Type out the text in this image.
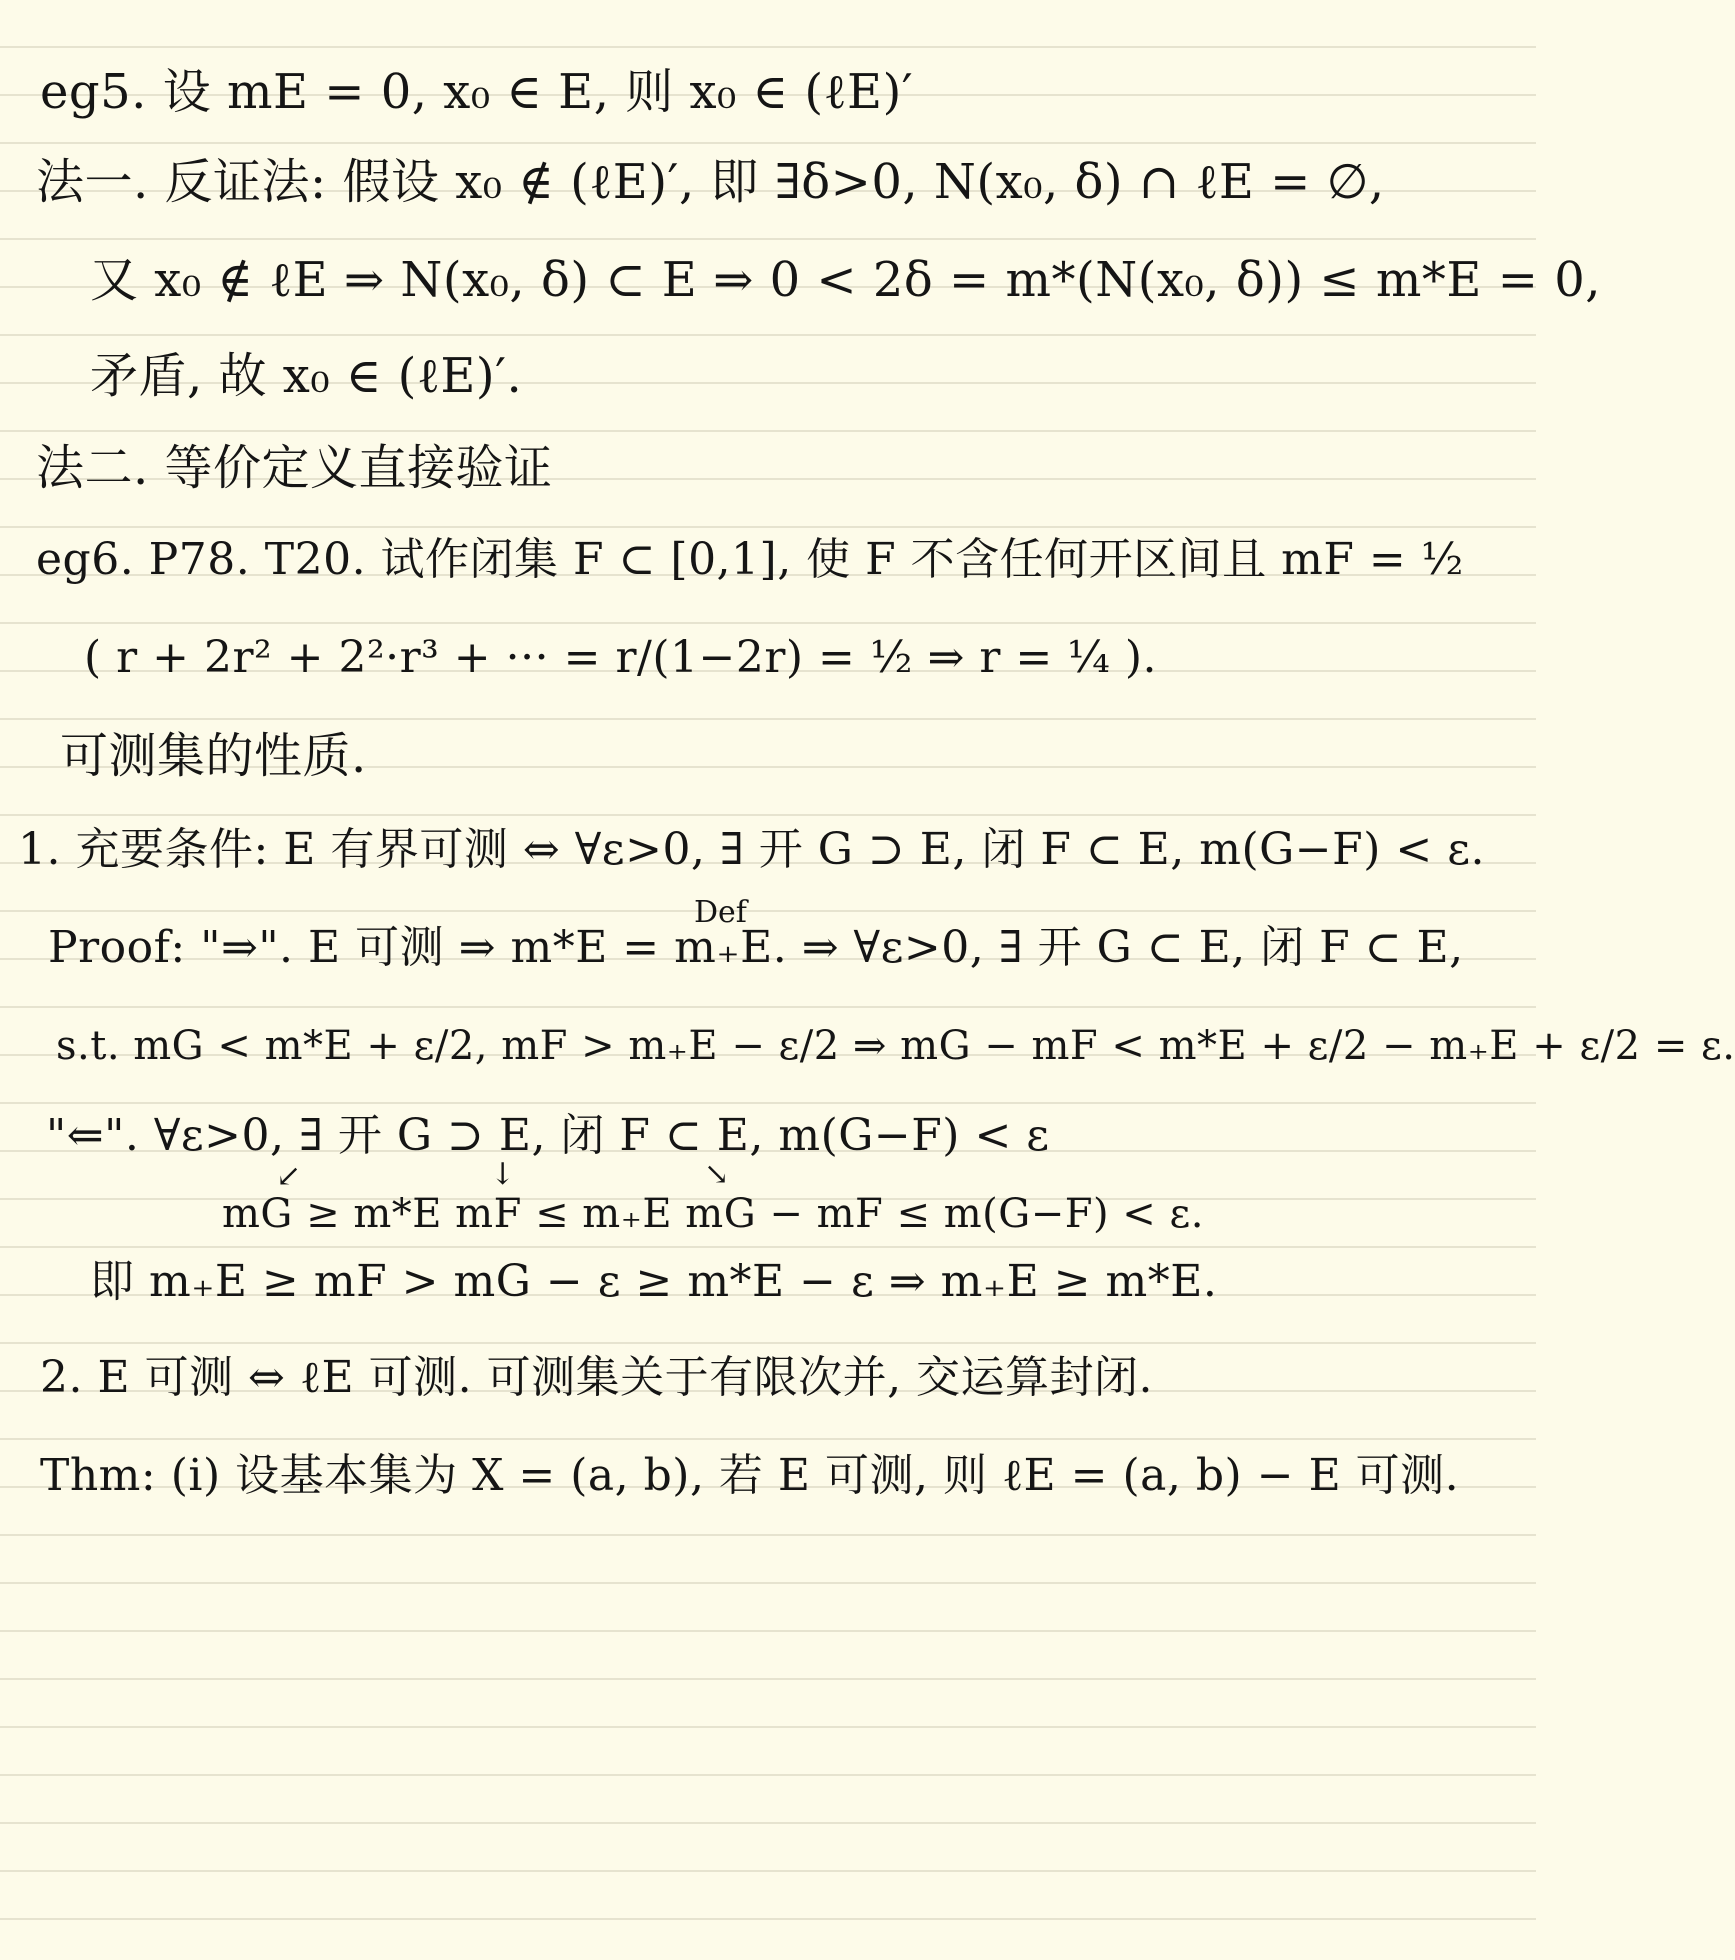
eg5. 设 mE = 0, x₀ ∈ E, 则 x₀ ∈ (ℓE)′
法一. 反证法: 假设 x₀ ∉ (ℓE)′, 即 ∃δ>0, N(x₀, δ) ∩ ℓE = ∅,
又 x₀ ∉ ℓE ⇒ N(x₀, δ) ⊂ E ⇒ 0 < 2δ = m*(N(x₀, δ)) ≤ m*E = 0,
矛盾, 故 x₀ ∈ (ℓE)′.
法二. 等价定义直接验证
eg6. P78. T20. 试作闭集 F ⊂ [0,1], 使 F 不含任何开区间且 mF = ½
( r + 2r² + 2²·r³ + ··· = r/(1−2r) = ½ ⇒ r = ¼ ).
可测集的性质.
1. 充要条件: E 有界可测 ⇔ ∀ε>0, ∃ 开 G ⊃ E, 闭 F ⊂ E, m(G−F) < ε.
Def
Proof: "⇒". E 可测 ⇒ m*E = m₊E. ⇒ ∀ε>0, ∃ 开 G ⊂ E, 闭 F ⊂ E,
s.t. mG < m*E + ε/2, mF > m₊E − ε/2 ⇒ mG − mF < m*E + ε/2 − m₊E + ε/2 = ε.
"⇐". ∀ε>0, ∃ 开 G ⊃ E, 闭 F ⊂ E, m(G−F) < ε
↙	↓	↘
mG ≥ m*E mF ≤ m₊E mG − mF ≤ m(G−F) < ε.
即 m₊E ≥ mF > mG − ε ≥ m*E − ε ⇒ m₊E ≥ m*E.
2. E 可测 ⇔ ℓE 可测. 可测集关于有限次并, 交运算封闭.
Thm: (i) 设基本集为 X = (a, b), 若 E 可测, 则 ℓE = (a, b) − E 可测.
